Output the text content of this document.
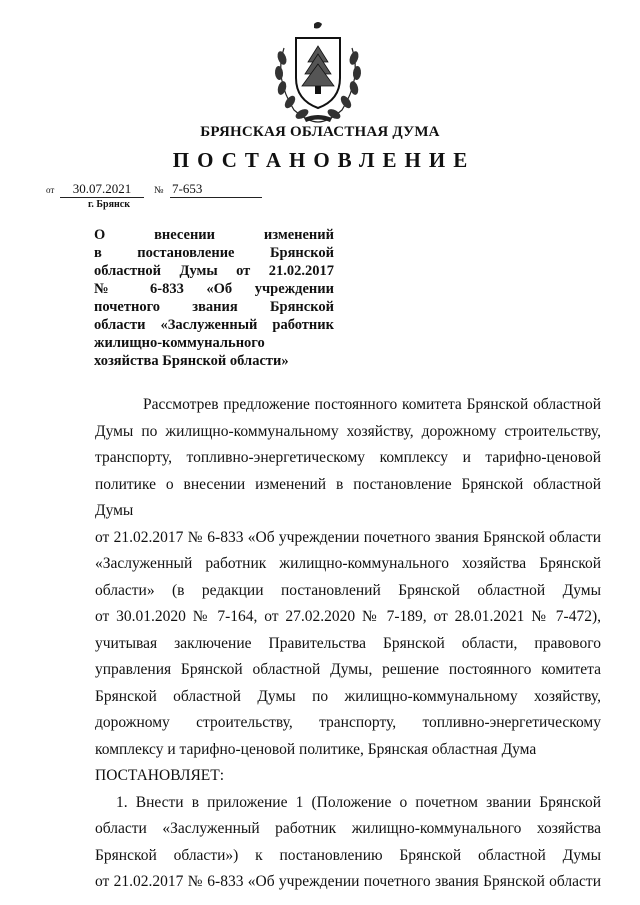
БРЯНСКАЯ ОБЛАСТНАЯ ДУМА
ПОСТАНОВЛЕНИЕ
от	30.07.2021	№ 7-653
г. Брянск
О внесении изменений
в постановление Брянской
областной Думы от 21.02.2017
№ 6-833 «Об учреждении
почетного звания Брянской
области «Заслуженный работник
жилищно-коммунального
хозяйства Брянской области»
Рассмотрев предложение постоянного комитета Брянской областной
Думы по жилищно-коммунальному хозяйству, дорожному строительству,
транспорту, топливно-энергетическому комплексу и тарифно-ценовой
политике о внесении изменений в постановление Брянской областной Думы
от 21.02.2017 № 6-833 «Об учреждении почетного звания Брянской области
«Заслуженный работник жилищно-коммунального хозяйства Брянской
области» (в редакции постановлений Брянской областной Думы
от 30.01.2020 № 7-164, от 27.02.2020 № 7-189, от 28.01.2021 № 7-472),
учитывая заключение Правительства Брянской области, правового
управления Брянской областной Думы, решение постоянного комитета
Брянской областной Думы по жилищно-коммунальному хозяйству,
дорожному строительству, транспорту, топливно-энергетическому
комплексу и тарифно-ценовой политике, Брянская областная Дума
ПОСТАНОВЛЯЕТ:
1. Внести в приложение 1 (Положение о почетном звании Брянской
области «Заслуженный работник жилищно-коммунального хозяйства
Брянской области») к постановлению Брянской областной Думы
от 21.02.2017 № 6-833 «Об учреждении почетного звания Брянской области
